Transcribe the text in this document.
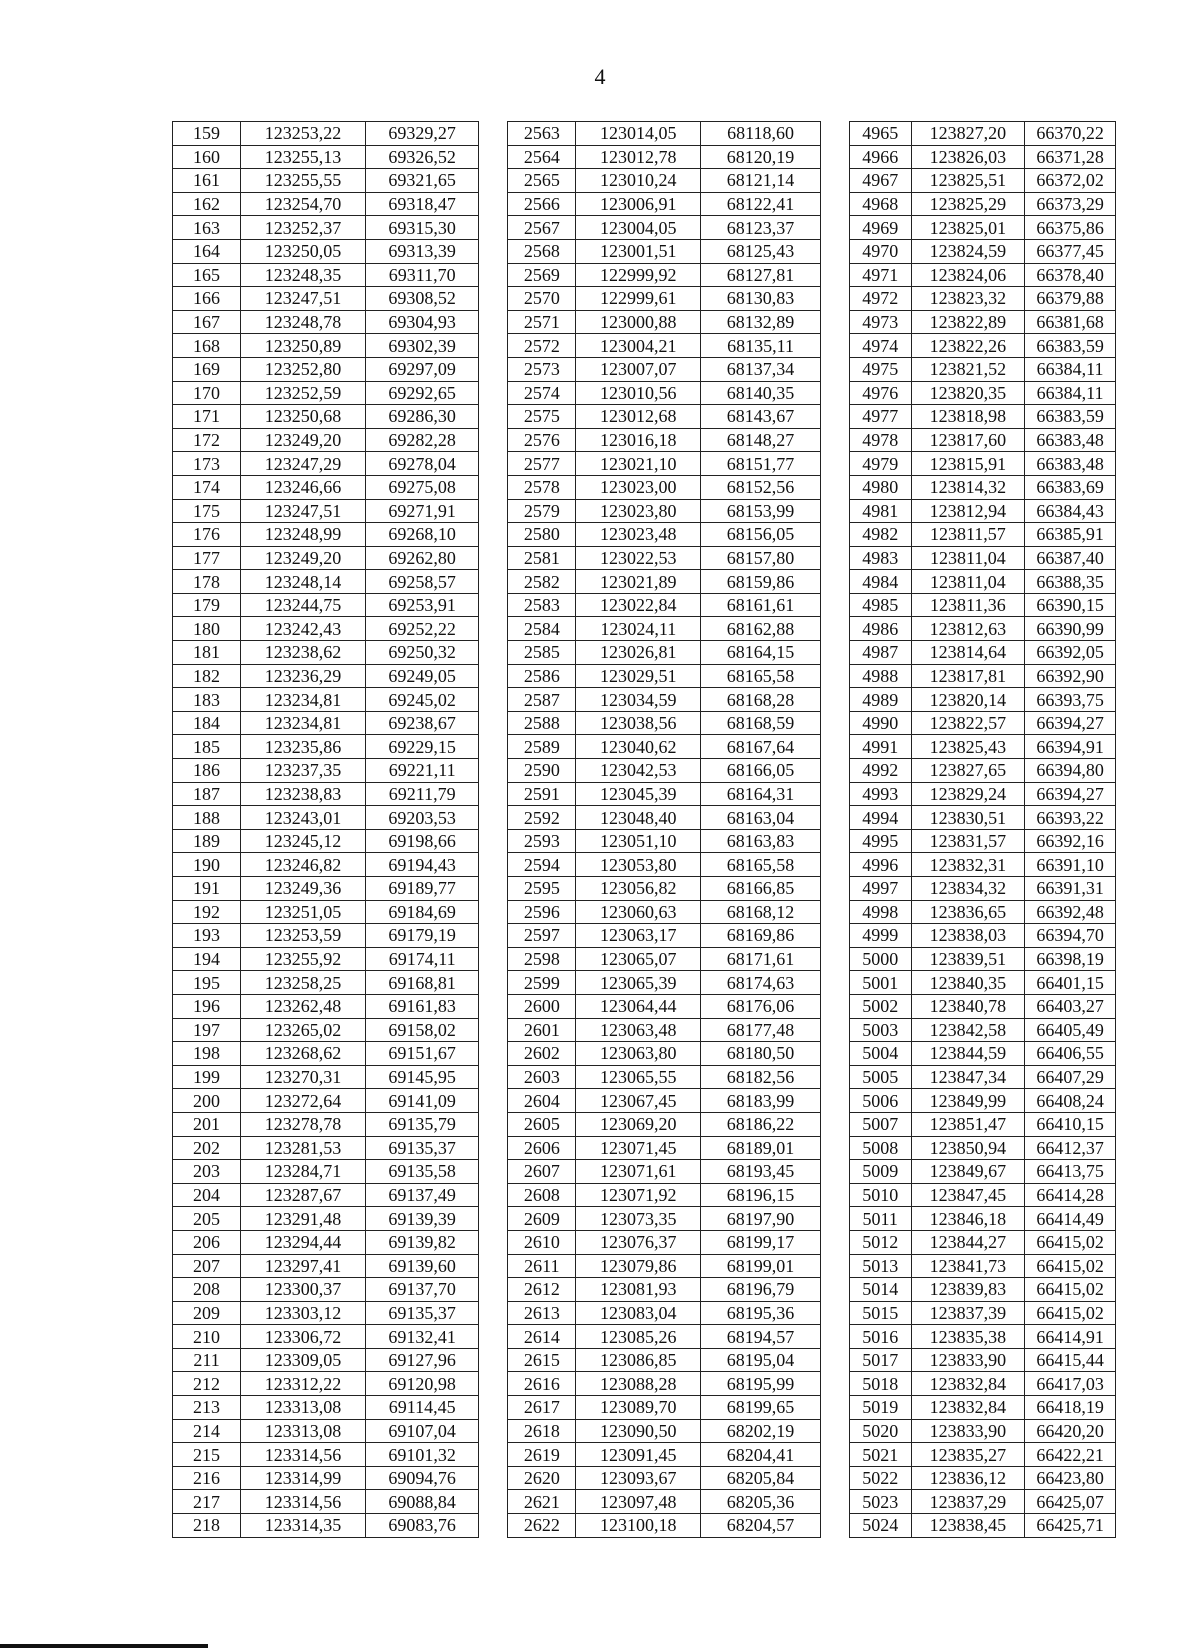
4
159	123253,22	69329,27		2563	123014,05	68118,60		4965	123827,20	66370,22
160	123255,13	69326,52		2564	123012,78	68120,19		4966	123826,03	66371,28
161	123255,55	69321,65		2565	123010,24	68121,14		4967	123825,51	66372,02
162	123254,70	69318,47		2566	123006,91	68122,41		4968	123825,29	66373,29
163	123252,37	69315,30		2567	123004,05	68123,37		4969	123825,01	66375,86
164	123250,05	69313,39		2568	123001,51	68125,43		4970	123824,59	66377,45
165	123248,35	69311,70		2569	122999,92	68127,81		4971	123824,06	66378,40
166	123247,51	69308,52		2570	122999,61	68130,83		4972	123823,32	66379,88
167	123248,78	69304,93		2571	123000,88	68132,89		4973	123822,89	66381,68
168	123250,89	69302,39		2572	123004,21	68135,11		4974	123822,26	66383,59
169	123252,80	69297,09		2573	123007,07	68137,34		4975	123821,52	66384,11
170	123252,59	69292,65		2574	123010,56	68140,35		4976	123820,35	66384,11
171	123250,68	69286,30		2575	123012,68	68143,67		4977	123818,98	66383,59
172	123249,20	69282,28		2576	123016,18	68148,27		4978	123817,60	66383,48
173	123247,29	69278,04		2577	123021,10	68151,77		4979	123815,91	66383,48
174	123246,66	69275,08		2578	123023,00	68152,56		4980	123814,32	66383,69
175	123247,51	69271,91		2579	123023,80	68153,99		4981	123812,94	66384,43
176	123248,99	69268,10		2580	123023,48	68156,05		4982	123811,57	66385,91
177	123249,20	69262,80		2581	123022,53	68157,80		4983	123811,04	66387,40
178	123248,14	69258,57		2582	123021,89	68159,86		4984	123811,04	66388,35
179	123244,75	69253,91		2583	123022,84	68161,61		4985	123811,36	66390,15
180	123242,43	69252,22		2584	123024,11	68162,88		4986	123812,63	66390,99
181	123238,62	69250,32		2585	123026,81	68164,15		4987	123814,64	66392,05
182	123236,29	69249,05		2586	123029,51	68165,58		4988	123817,81	66392,90
183	123234,81	69245,02		2587	123034,59	68168,28		4989	123820,14	66393,75
184	123234,81	69238,67		2588	123038,56	68168,59		4990	123822,57	66394,27
185	123235,86	69229,15		2589	123040,62	68167,64		4991	123825,43	66394,91
186	123237,35	69221,11		2590	123042,53	68166,05		4992	123827,65	66394,80
187	123238,83	69211,79		2591	123045,39	68164,31		4993	123829,24	66394,27
188	123243,01	69203,53		2592	123048,40	68163,04		4994	123830,51	66393,22
189	123245,12	69198,66		2593	123051,10	68163,83		4995	123831,57	66392,16
190	123246,82	69194,43		2594	123053,80	68165,58		4996	123832,31	66391,10
191	123249,36	69189,77		2595	123056,82	68166,85		4997	123834,32	66391,31
192	123251,05	69184,69		2596	123060,63	68168,12		4998	123836,65	66392,48
193	123253,59	69179,19		2597	123063,17	68169,86		4999	123838,03	66394,70
194	123255,92	69174,11		2598	123065,07	68171,61		5000	123839,51	66398,19
195	123258,25	69168,81		2599	123065,39	68174,63		5001	123840,35	66401,15
196	123262,48	69161,83		2600	123064,44	68176,06		5002	123840,78	66403,27
197	123265,02	69158,02		2601	123063,48	68177,48		5003	123842,58	66405,49
198	123268,62	69151,67		2602	123063,80	68180,50		5004	123844,59	66406,55
199	123270,31	69145,95		2603	123065,55	68182,56		5005	123847,34	66407,29
200	123272,64	69141,09		2604	123067,45	68183,99		5006	123849,99	66408,24
201	123278,78	69135,79		2605	123069,20	68186,22		5007	123851,47	66410,15
202	123281,53	69135,37		2606	123071,45	68189,01		5008	123850,94	66412,37
203	123284,71	69135,58		2607	123071,61	68193,45		5009	123849,67	66413,75
204	123287,67	69137,49		2608	123071,92	68196,15		5010	123847,45	66414,28
205	123291,48	69139,39		2609	123073,35	68197,90		5011	123846,18	66414,49
206	123294,44	69139,82		2610	123076,37	68199,17		5012	123844,27	66415,02
207	123297,41	69139,60		2611	123079,86	68199,01		5013	123841,73	66415,02
208	123300,37	69137,70		2612	123081,93	68196,79		5014	123839,83	66415,02
209	123303,12	69135,37		2613	123083,04	68195,36		5015	123837,39	66415,02
210	123306,72	69132,41		2614	123085,26	68194,57		5016	123835,38	66414,91
211	123309,05	69127,96		2615	123086,85	68195,04		5017	123833,90	66415,44
212	123312,22	69120,98		2616	123088,28	68195,99		5018	123832,84	66417,03
213	123313,08	69114,45		2617	123089,70	68199,65		5019	123832,84	66418,19
214	123313,08	69107,04		2618	123090,50	68202,19		5020	123833,90	66420,20
215	123314,56	69101,32		2619	123091,45	68204,41		5021	123835,27	66422,21
216	123314,99	69094,76		2620	123093,67	68205,84		5022	123836,12	66423,80
217	123314,56	69088,84		2621	123097,48	68205,36		5023	123837,29	66425,07
218	123314,35	69083,76		2622	123100,18	68204,57		5024	123838,45	66425,71
